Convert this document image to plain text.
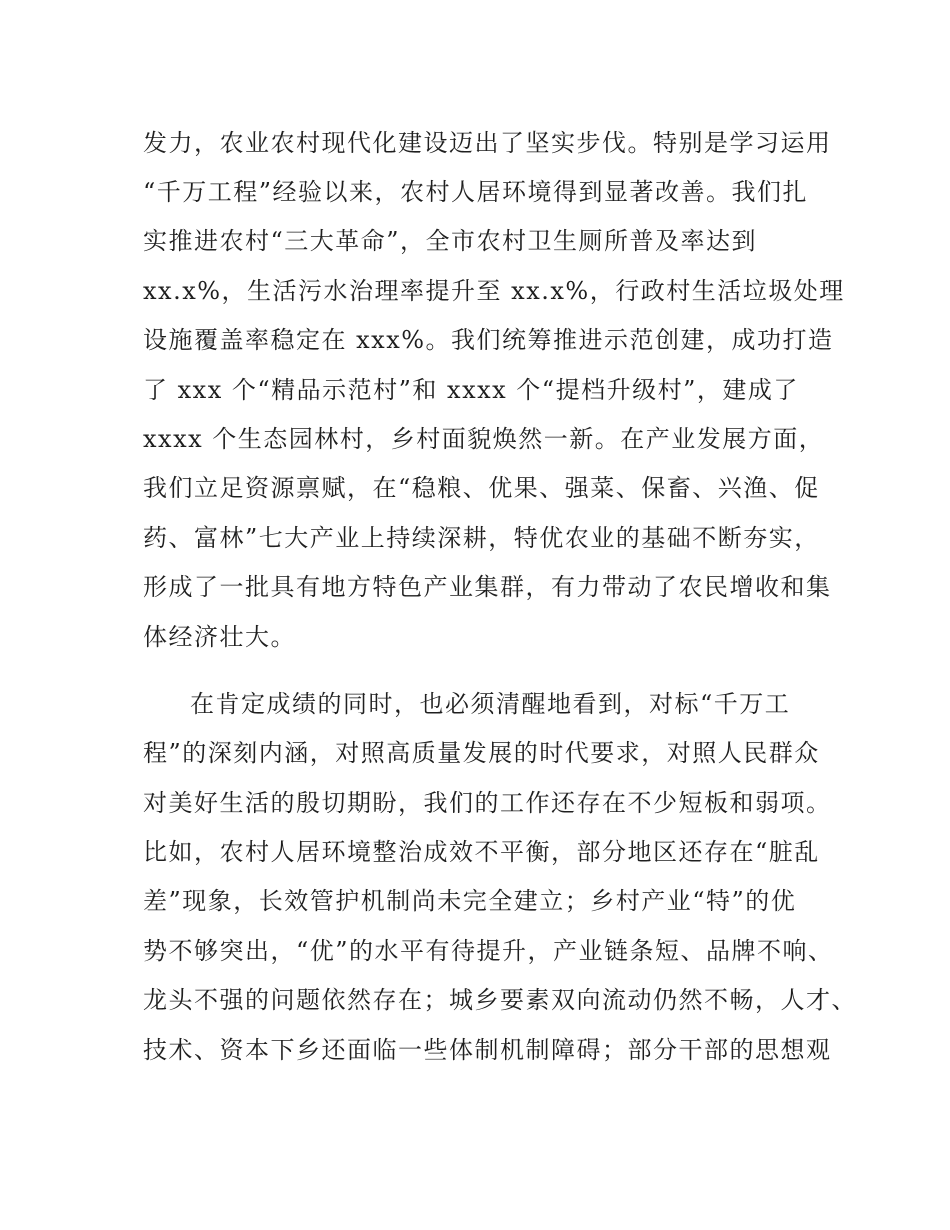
发力，农业农村现代化建设迈出了坚实步伐。特别是学习运用
“千万工程”经验以来，农村人居环境得到显著改善。我们扎
实推进农村“三大革命”，全市农村卫生厕所普及率达到
xx.x%，生活污水治理率提升至 xx.x%，行政村生活垃圾处理
设施覆盖率稳定在 xxx%。我们统筹推进示范创建，成功打造
了 xxx 个“精品示范村”和 xxxx 个“提档升级村”，建成了
xxxx 个生态园林村，乡村面貌焕然一新。在产业发展方面，
我们立足资源禀赋，在“稳粮、优果、强菜、保畜、兴渔、促
药、富林”七大产业上持续深耕，特优农业的基础不断夯实，
形成了一批具有地方特色产业集群，有力带动了农民增收和集
体经济壮大。
在肯定成绩的同时，也必须清醒地看到，对标“千万工
程”的深刻内涵，对照高质量发展的时代要求，对照人民群众
对美好生活的殷切期盼，我们的工作还存在不少短板和弱项。
比如，农村人居环境整治成效不平衡，部分地区还存在“脏乱
差”现象，长效管护机制尚未完全建立；乡村产业“特”的优
势不够突出，“优”的水平有待提升，产业链条短、品牌不响、
龙头不强的问题依然存在；城乡要素双向流动仍然不畅，人才、
技术、资本下乡还面临一些体制机制障碍；部分干部的思想观
